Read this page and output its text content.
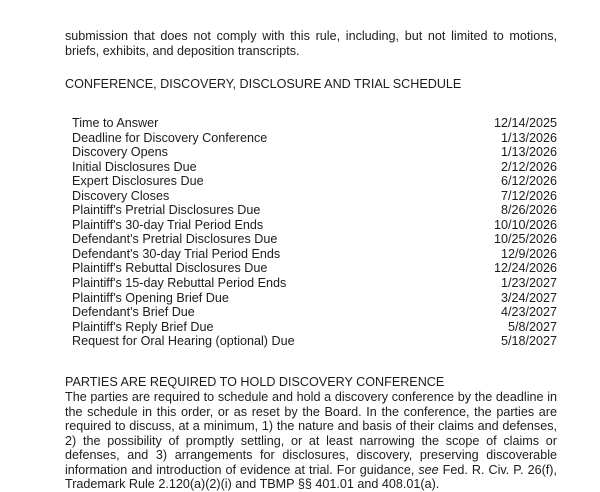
submission that does not comply with this rule, including, but not limited to motions, briefs, exhibits, and deposition transcripts.

CONFERENCE, DISCOVERY, DISCLOSURE AND TRIAL SCHEDULE
Time to Answer	12/14/2025
Deadline for Discovery Conference	1/13/2026
Discovery Opens	1/13/2026
Initial Disclosures Due	2/12/2026
Expert Disclosures Due	6/12/2026
Discovery Closes	7/12/2026
Plaintiff's Pretrial Disclosures Due	8/26/2026
Plaintiff's 30-day Trial Period Ends	10/10/2026
Defendant's Pretrial Disclosures Due	10/25/2026
Defendant's 30-day Trial Period Ends	12/9/2026
Plaintiff's Rebuttal Disclosures Due	12/24/2026
Plaintiff's 15-day Rebuttal Period Ends	1/23/2027
Plaintiff's Opening Brief Due	3/24/2027
Defendant's Brief Due	4/23/2027
Plaintiff's Reply Brief Due	5/8/2027
Request for Oral Hearing (optional) Due	5/18/2027
PARTIES ARE REQUIRED TO HOLD DISCOVERY CONFERENCE

The parties are required to schedule and hold a discovery conference by the deadline in the schedule in this order, or as reset by the Board. In the conference, the parties are required to discuss, at a minimum, 1) the nature and basis of their claims and defenses, 2) the possibility of promptly settling, or at least narrowing the scope of claims or defenses, and 3) arrangements for disclosures, discovery, preserving discoverable information and introduction of evidence at trial. For guidance, see Fed. R. Civ. P. 26(f), Trademark Rule 2.120(a)(2)(i) and TBMP §§ 401.01 and 408.01(a).
